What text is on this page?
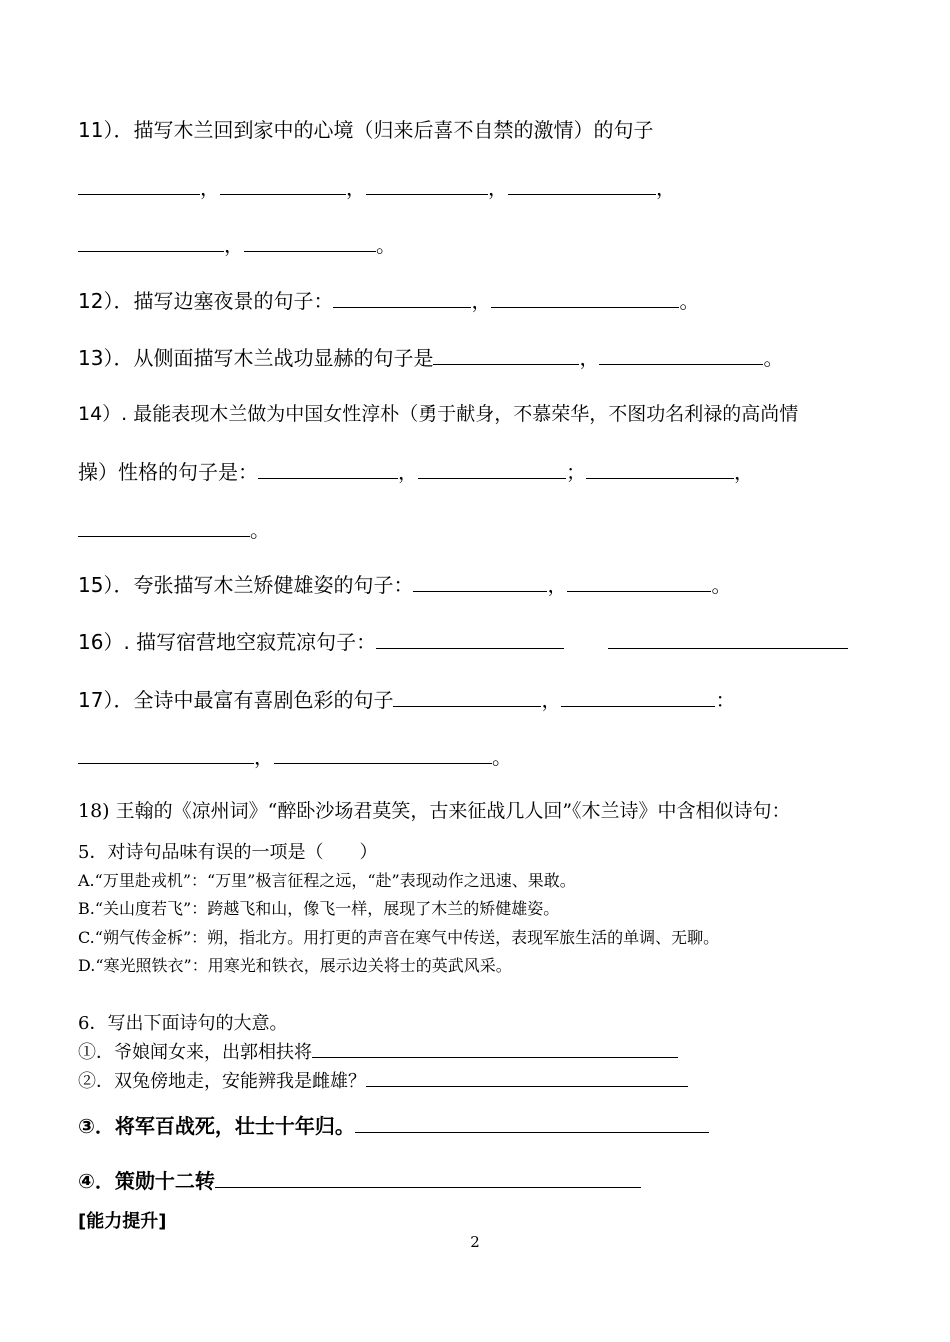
11）．描写木兰回到家中的心境（归来后喜不自禁的激情）的句子
，	，	，	，
，	。
12）．描写边塞夜景的句子：	，	。
13）．从侧面描写木兰战功显赫的句子是	，	。
14）. 最能表现木兰做为中国女性淳朴（勇于献身，不慕荣华，不图功名利禄的高尚情
操）性格的句子是：	，	；	，
。
15）．夸张描写木兰矫健雄姿的句子：	，	。
16）. 描写宿营地空寂荒凉句子：
17）．全诗中最富有喜剧色彩的句子	，	：
，	。
18) 王翰的《凉州词》“醉卧沙场君莫笑，古来征战几人回”《木兰诗》中含相似诗句：
5．对诗句品味有误的一项是（　　）
A.“万里赴戎机”：“万里”极言征程之远，“赴”表现动作之迅速、果敢。
B.“关山度若飞”：跨越飞和山，像飞一样，展现了木兰的矫健雄姿。
C.“朔气传金柝”：朔，指北方。用打更的声音在寒气中传送，表现军旅生活的单调、无聊。
D.“寒光照铁衣”：用寒光和铁衣，展示边关将士的英武风采。
6．写出下面诗句的大意。
①．爷娘闻女来，出郭相扶将
②．双兔傍地走，安能辨我是雌雄？
③．将军百战死，壮士十年归。
④．策勋十二转
[能力提升]
2
